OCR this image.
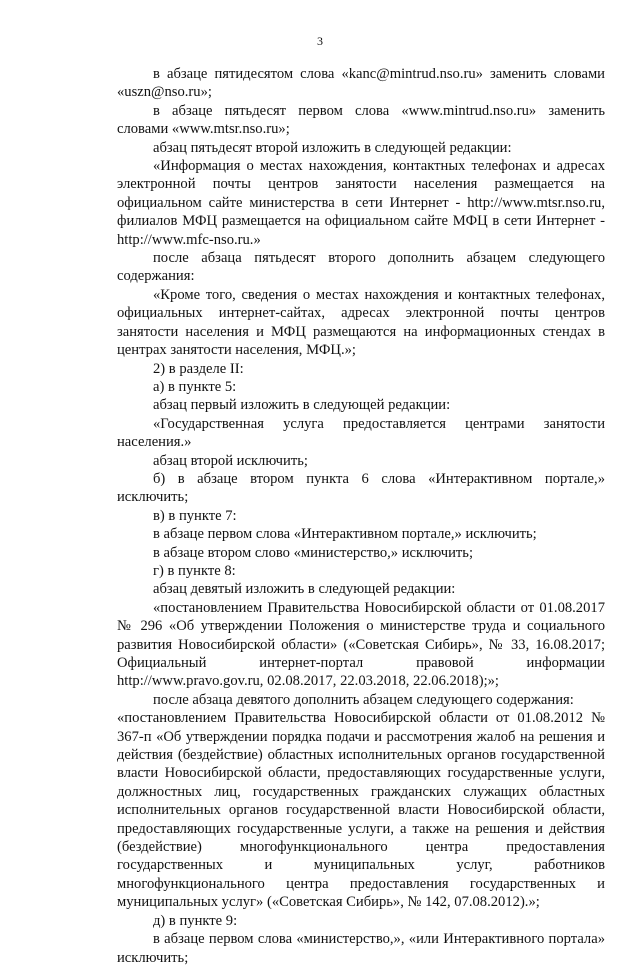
3

в абзаце пятидесятом слова «kanc@mintrud.nso.ru» заменить словами «uszn@nso.ru»;

в абзаце пятьдесят первом слова «www.mintrud.nso.ru» заменить словами «www.mtsr.nso.ru»;

абзац пятьдесят второй изложить в следующей редакции:

«Информация о местах нахождения, контактных телефонах и адресах электронной почты центров занятости населения размещается на официальном сайте министерства в сети Интернет - http://www.mtsr.nso.ru, филиалов МФЦ размещается на официальном сайте МФЦ в сети Интернет - http://www.mfc-nso.ru.»

после абзаца пятьдесят второго дополнить абзацем следующего содержания:

«Кроме того, сведения о местах нахождения и контактных телефонах, официальных интернет-сайтах, адресах электронной почты центров занятости населения и МФЦ размещаются на информационных стендах в центрах занятости населения, МФЦ.»;

2) в разделе II:

а) в пункте 5:

абзац первый изложить в следующей редакции:

«Государственная услуга предоставляется центрами занятости населения.»

абзац второй исключить;

б) в абзаце втором пункта 6 слова «Интерактивном портале,» исключить;

в) в пункте 7:

в абзаце первом слова «Интерактивном портале,» исключить;

в абзаце втором слово «министерство,» исключить;

г) в пункте 8:

абзац девятый изложить в следующей редакции:

«постановлением Правительства Новосибирской области от 01.08.2017 № 296 «Об утверждении Положения о министерстве труда и социального развития Новосибирской области» («Советская Сибирь», № 33, 16.08.2017; Официальный интернет-портал правовой информации http://www.pravo.gov.ru, 02.08.2017, 22.03.2018, 22.06.2018);»;

после абзаца девятого дополнить абзацем следующего содержания:

«постановлением Правительства Новосибирской области от 01.08.2012 № 367-п «Об утверждении порядка подачи и рассмотрения жалоб на решения и действия (бездействие) областных исполнительных органов государственной власти Новосибирской области, предоставляющих государственные услуги, должностных лиц, государственных гражданских служащих областных исполнительных органов государственной власти Новосибирской области, предоставляющих государственные услуги, а также на решения и действия (бездействие) многофункционального центра предоставления государственных и муниципальных услуг, работников многофункционального центра предоставления государственных и муниципальных услуг» («Советская Сибирь», № 142, 07.08.2012).»;

д) в пункте 9:

в абзаце первом слова «министерство,», «или Интерактивного портала» исключить;
